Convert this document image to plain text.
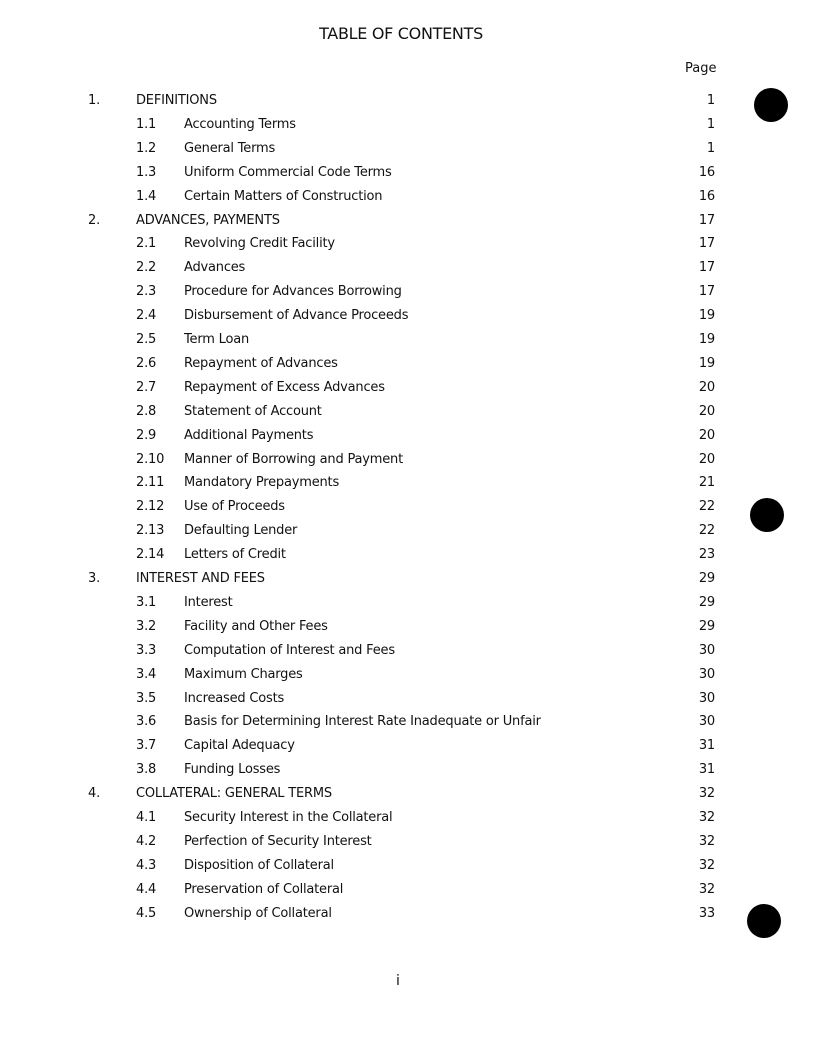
TABLE OF CONTENTS
Page
1.	DEFINITIONS	1
1.1 Accounting Terms	1
1.2 General Terms	1
1.3 Uniform Commercial Code Terms	16
1.4 Certain Matters of Construction	16
2.	ADVANCES, PAYMENTS	17
2.1 Revolving Credit Facility	17
2.2 Advances	17
2.3 Procedure for Advances Borrowing	17
2.4 Disbursement of Advance Proceeds	19
2.5 Term Loan	19
2.6 Repayment of Advances	19
2.7 Repayment of Excess Advances	20
2.8 Statement of Account	20
2.9 Additional Payments	20
2.10 Manner of Borrowing and Payment	20
2.11 Mandatory Prepayments	21
2.12 Use of Proceeds	22
2.13 Defaulting Lender	22
2.14 Letters of Credit	23
3.	INTEREST AND FEES	29
3.1 Interest	29
3.2 Facility and Other Fees	29
3.3 Computation of Interest and Fees	30
3.4 Maximum Charges	30
3.5 Increased Costs	30
3.6 Basis for Determining Interest Rate Inadequate or Unfair	30
3.7 Capital Adequacy	31
3.8 Funding Losses	31
4.	COLLATERAL: GENERAL TERMS	32
4.1 Security Interest in the Collateral	32
4.2 Perfection of Security Interest	32
4.3 Disposition of Collateral	32
4.4 Preservation of Collateral	32
4.5 Ownership of Collateral	33
i
